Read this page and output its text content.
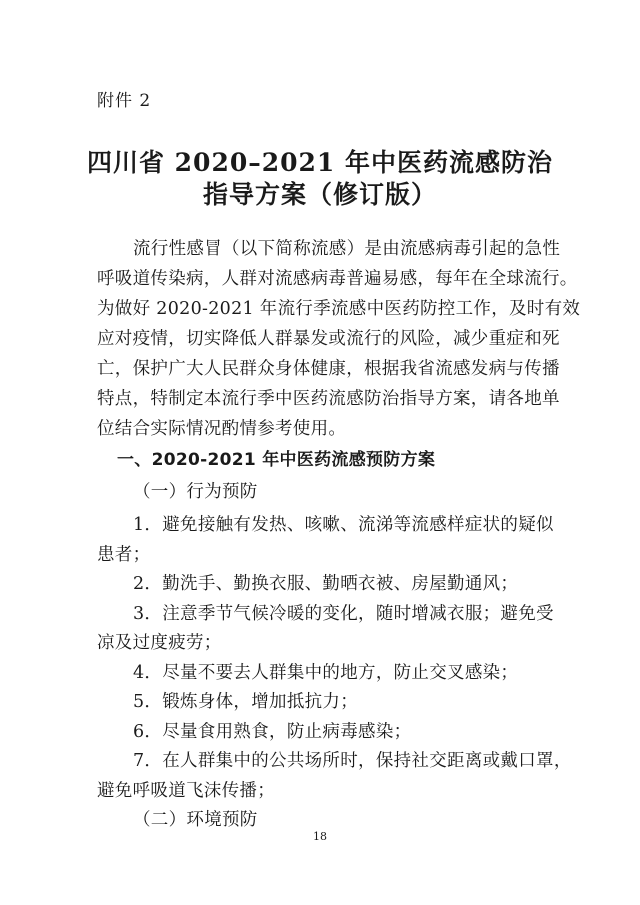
附件 2
四川省 2020–2021 年中医药流感防治
指导方案（修订版）
流行性感冒（以下简称流感）是由流感病毒引起的急性
呼吸道传染病，人群对流感病毒普遍易感，每年在全球流行。
为做好 2020-2021 年流行季流感中医药防控工作，及时有效
应对疫情，切实降低人群暴发或流行的风险，减少重症和死
亡，保护广大人民群众身体健康，根据我省流感发病与传播
特点，特制定本流行季中医药流感防治指导方案，请各地单
位结合实际情况酌情参考使用。
一、2020-2021 年中医药流感预防方案
（一）行为预防
1．避免接触有发热、咳嗽、流涕等流感样症状的疑似
患者；
2．勤洗手、勤换衣服、勤晒衣被、房屋勤通风；
3．注意季节气候冷暖的变化，随时增减衣服；避免受
凉及过度疲劳；
4．尽量不要去人群集中的地方，防止交叉感染；
5．锻炼身体，增加抵抗力；
6．尽量食用熟食，防止病毒感染；
7．在人群集中的公共场所时，保持社交距离或戴口罩，
避免呼吸道飞沫传播；
18
（二）环境预防
